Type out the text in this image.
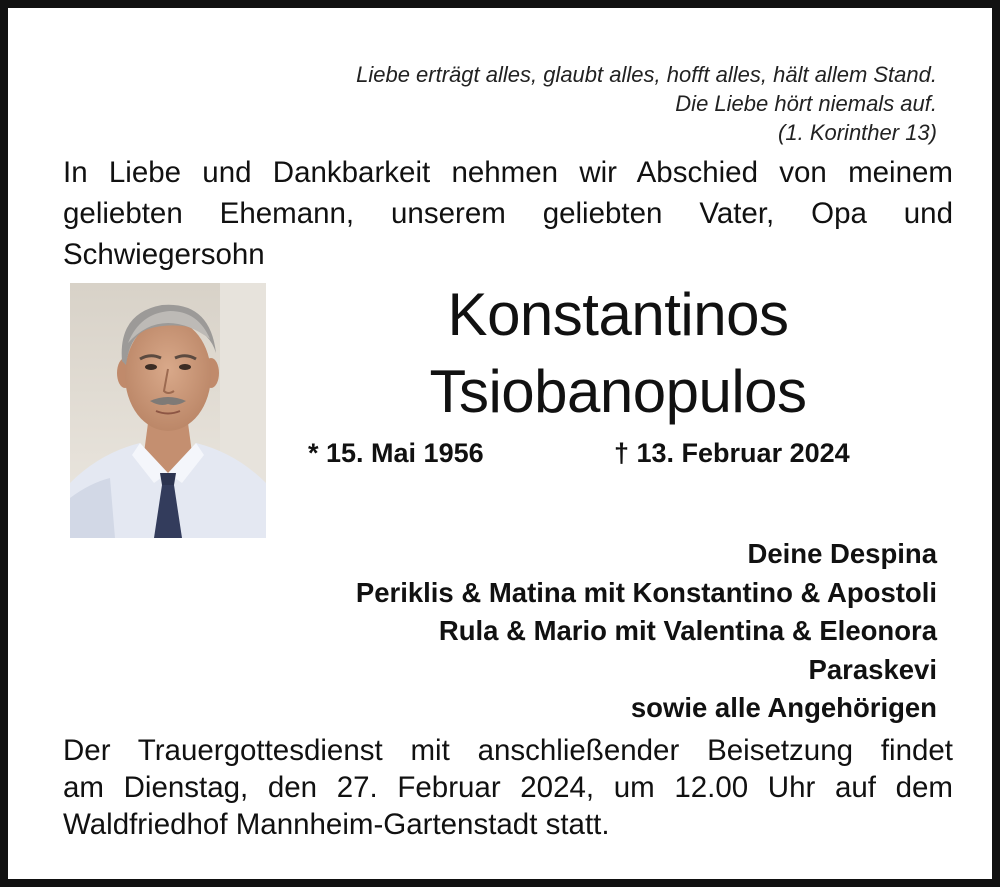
Liebe erträgt alles, glaubt alles, hofft alles, hält allem Stand.
Die Liebe hört niemals auf.
(1. Korinther 13)
In Liebe und Dankbarkeit nehmen wir Abschied von meinem
geliebten Ehemann, unserem geliebten Vater, Opa und
Schwiegersohn
Konstantinos
Tsiobanopulos
* 15. Mai 1956	† 13. Februar 2024
Deine Despina
Periklis & Matina mit Konstantino & Apostoli
Rula & Mario mit Valentina & Eleonora
Paraskevi
sowie alle Angehörigen
Der Trauergottesdienst mit anschließender Beisetzung findet
am Dienstag, den 27. Februar 2024, um 12.00 Uhr auf dem
Waldfriedhof Mannheim-Gartenstadt statt.
